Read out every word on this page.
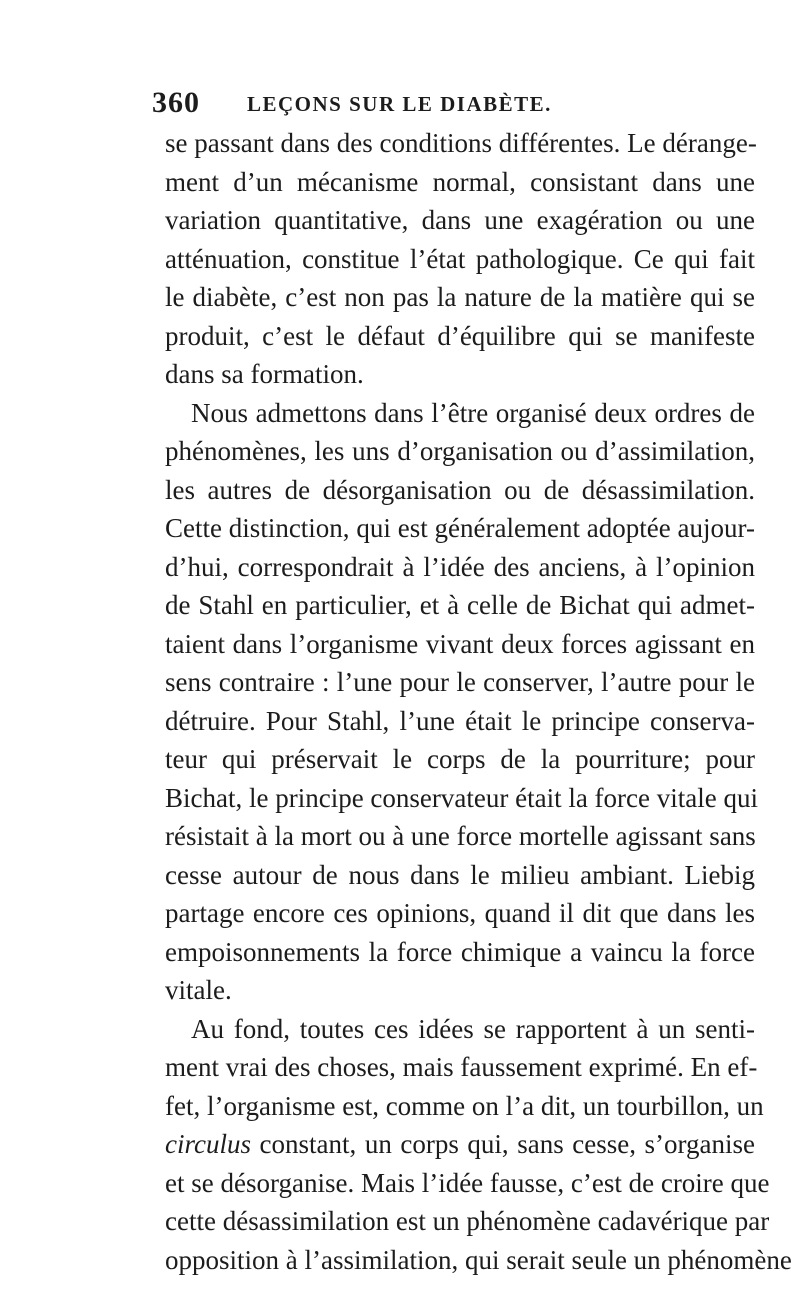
360 LEÇONS SUR LE DIABÈTE.
se passant dans des conditions différentes. Le dérange-
ment d’un mécanisme normal, consistant dans une
variation quantitative, dans une exagération ou une
atténuation, constitue l’état pathologique. Ce qui fait
le diabète, c’est non pas la nature de la matière qui se
produit, c’est le défaut d’équilibre qui se manifeste
dans sa formation.
Nous admettons dans l’être organisé deux ordres de
phénomènes, les uns d’organisation ou d’assimilation,
les autres de désorganisation ou de désassimilation.
Cette distinction, qui est généralement adoptée aujour-
d’hui, correspondrait à l’idée des anciens, à l’opinion
de Stahl en particulier, et à celle de Bichat qui admet-
taient dans l’organisme vivant deux forces agissant en
sens contraire : l’une pour le conserver, l’autre pour le
détruire. Pour Stahl, l’une était le principe conserva-
teur qui préservait le corps de la pourriture; pour
Bichat, le principe conservateur était la force vitale qui
résistait à la mort ou à une force mortelle agissant sans
cesse autour de nous dans le milieu ambiant. Liebig
partage encore ces opinions, quand il dit que dans les
empoisonnements la force chimique a vaincu la force
vitale.
Au fond, toutes ces idées se rapportent à un senti-
ment vrai des choses, mais faussement exprimé. En ef-
fet, l’organisme est, comme on l’a dit, un tourbillon, un
circulus constant, un corps qui, sans cesse, s’organise
et se désorganise. Mais l’idée fausse, c’est de croire que
cette désassimilation est un phénomène cadavérique par
opposition à l’assimilation, qui serait seule un phénomène
